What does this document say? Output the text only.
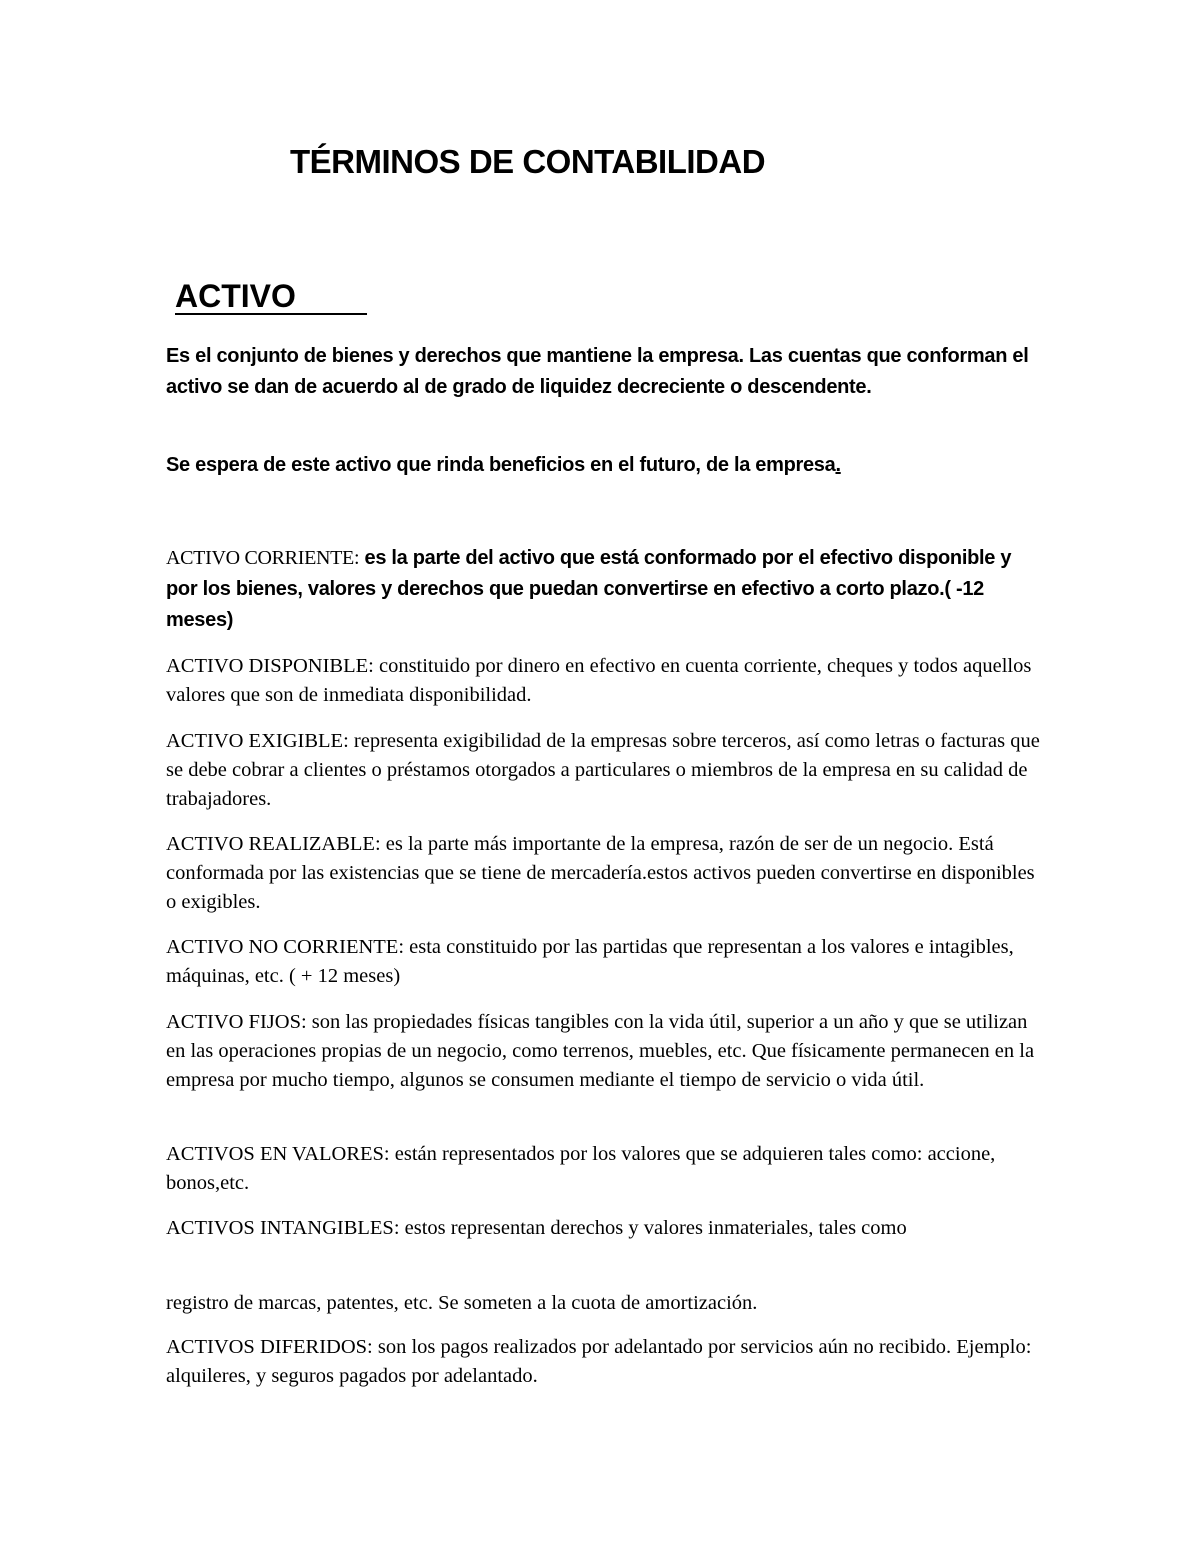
TÉRMINOS DE CONTABILIDAD
ACTIVO

Es el conjunto de bienes y derechos que mantiene la empresa. Las cuentas que conforman el activo se dan de acuerdo al de grado de liquidez decreciente o descendente.

Se espera de este activo que rinda beneficios en el futuro, de la empresa.

ACTIVO CORRIENTE: es la parte del activo que está conformado por el efectivo disponible y por los bienes, valores y derechos que puedan convertirse en efectivo a corto plazo.( -12 meses)

ACTIVO DISPONIBLE: constituido por dinero en efectivo en cuenta corriente, cheques y todos aquellos valores que son de inmediata disponibilidad.

ACTIVO EXIGIBLE: representa exigibilidad de la empresas sobre terceros, así como letras o facturas que se debe cobrar a clientes o préstamos otorgados a particulares o miembros de la empresa en su calidad de trabajadores.

ACTIVO REALIZABLE: es la parte más importante de la empresa, razón de ser de un negocio. Está conformada por las existencias que se tiene de mercadería.estos activos pueden convertirse en disponibles o exigibles.

ACTIVO NO CORRIENTE: esta constituido por las partidas que representan a los valores e intagibles, máquinas, etc. ( + 12 meses)

ACTIVO FIJOS: son las propiedades físicas tangibles con la vida útil, superior a un año y que se utilizan en las operaciones propias de un negocio, como terrenos, muebles, etc. Que físicamente permanecen en la empresa por mucho tiempo, algunos se consumen mediante el tiempo de servicio o vida útil.

ACTIVOS EN VALORES: están representados por los valores que se adquieren tales como: accione, bonos,etc.

ACTIVOS INTANGIBLES: estos representan derechos y valores inmateriales, tales como

registro de marcas, patentes, etc. Se someten a la cuota de amortización.

ACTIVOS DIFERIDOS: son los pagos realizados por adelantado por servicios aún no recibido. Ejemplo: alquileres, y seguros pagados por adelantado.
